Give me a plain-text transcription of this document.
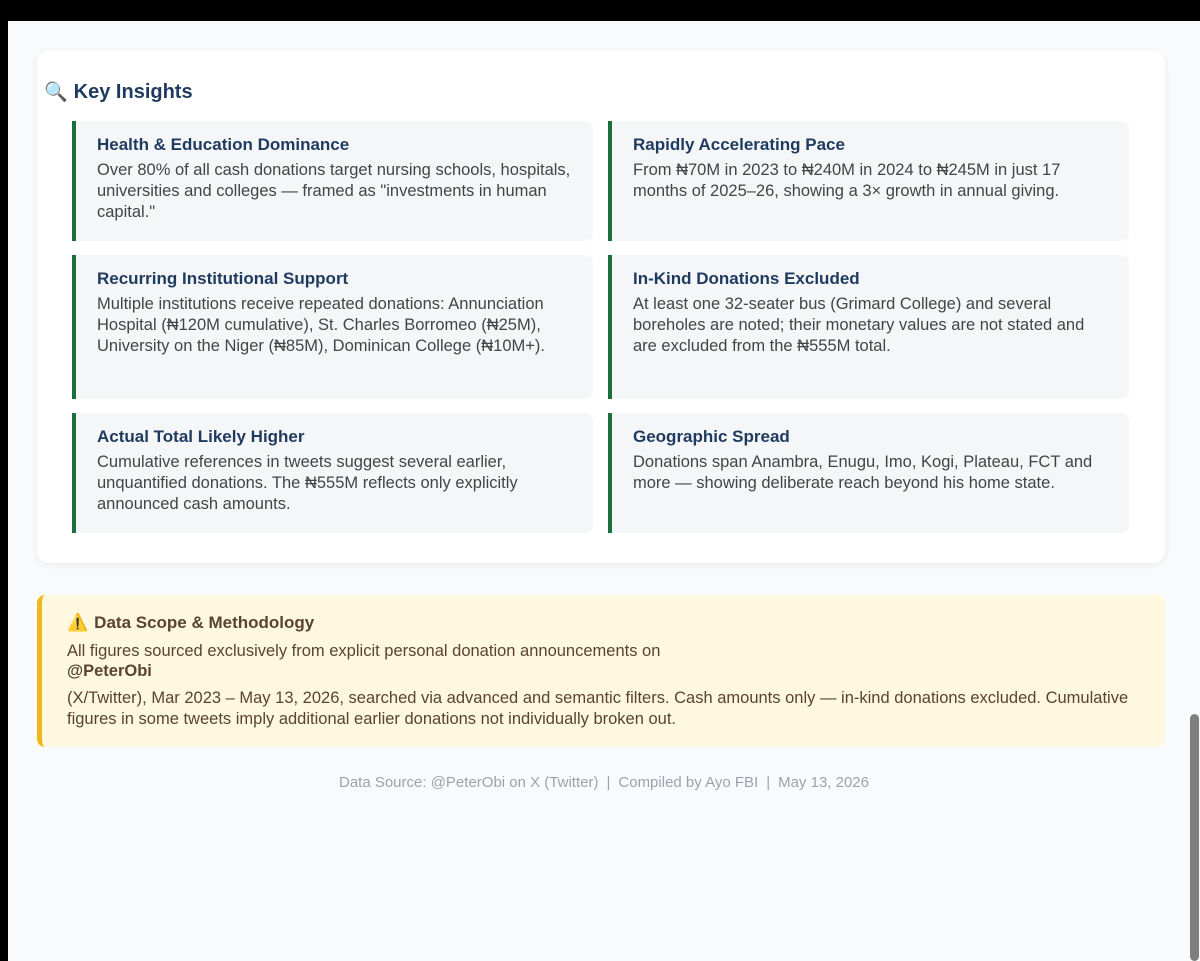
🔍 Key Insights
Health & Education Dominance

Over 80% of all cash donations target nursing schools, hospitals, universities and colleges — framed as "investments in human capital."

Rapidly Accelerating Pace

From ₦70M in 2023 to ₦240M in 2024 to ₦245M in just 17 months of 2025–26, showing a 3× growth in annual giving.

Recurring Institutional Support

Multiple institutions receive repeated donations: Annunciation Hospital (₦120M cumulative), St. Charles Borromeo (₦25M), University on the Niger (₦85M), Dominican College (₦10M+).

In-Kind Donations Excluded

At least one 32-seater bus (Grimard College) and several boreholes are noted; their monetary values are not stated and are excluded from the ₦555M total.

Actual Total Likely Higher

Cumulative references in tweets suggest several earlier, unquantified donations. The ₦555M reflects only explicitly announced cash amounts.

Geographic Spread

Donations span Anambra, Enugu, Imo, Kogi, Plateau, FCT and more — showing deliberate reach beyond his home state.

⚠️ Data Scope & Methodology
All figures sourced exclusively from explicit personal donation announcements on
@PeterObi
(X/Twitter), Mar 2023 – May 13, 2026, searched via advanced and semantic filters. Cash amounts only — in-kind donations excluded. Cumulative figures in some tweets imply additional earlier donations not individually broken out.
Data Source: @PeterObi on X (Twitter) | Compiled by Ayo FBI | May 13, 2026
